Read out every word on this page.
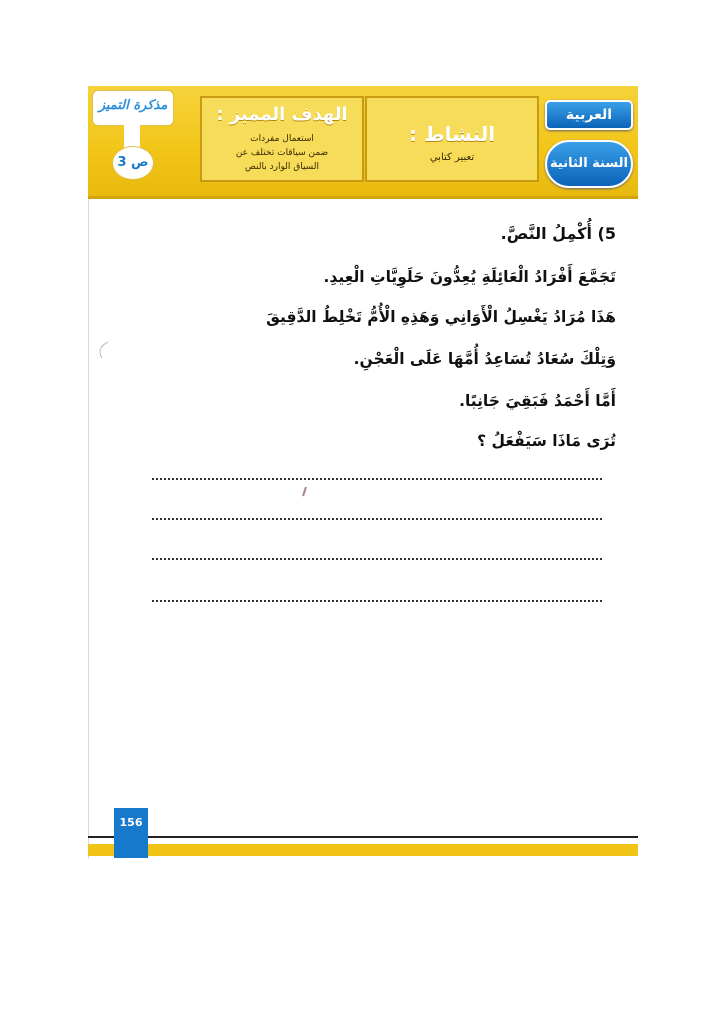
مذكرة التميز
3 ص
الهدف المميز :
استعمال مفردات
ضمن سياقات تختلف عن
السياق الوارد بالنص
النشاط :
تعبير كتابي
العربية
السنة الثانية
5) أُكْمِلُ النَّصَّ.
تَجَمَّعَ أَفْرَادُ الْعَائِلَةِ يُعِدُّونَ حَلَوِيَّاتِ الْعِيدِ.
هَذَا مُرَادُ يَغْسِلُ الْأَوَانِي وَهَذِهِ الْأُمُّ تَخْلِطُ الدَّقِيقَ
وَتِلْكَ سُعَادُ تُسَاعِدُ أُمَّهَا عَلَى الْعَجْنِ.
أَمَّا أَحْمَدُ فَبَقِيَ جَانِبًا.
تُرَى مَاذَا سَيَفْعَلُ ؟
156
